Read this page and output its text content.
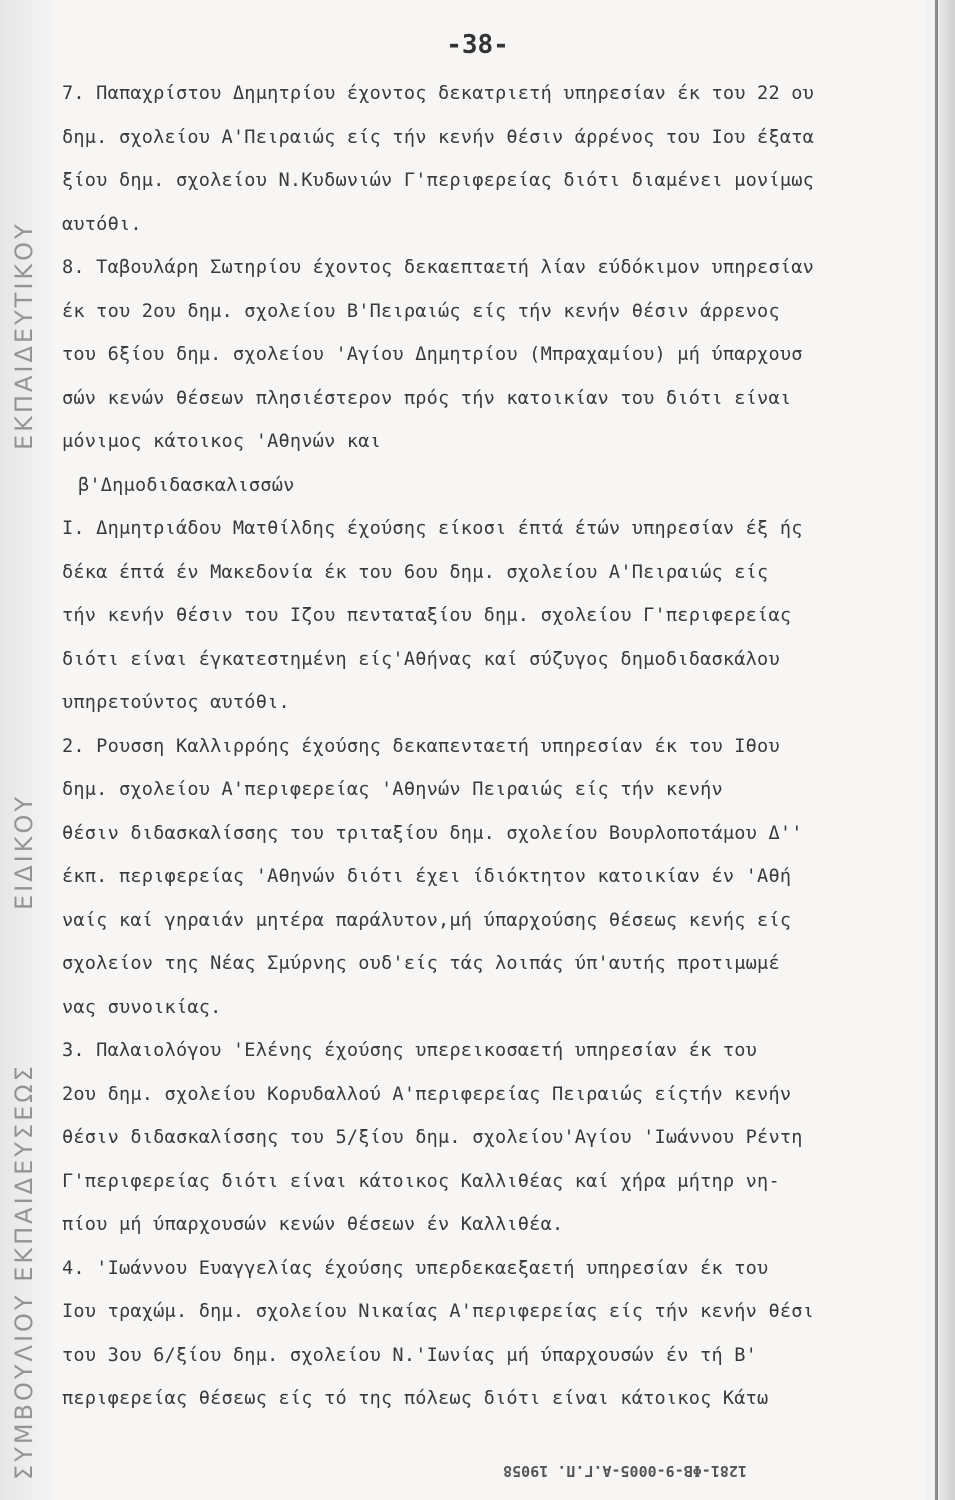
ΕΚΠΑΙΔΕΥΤΙΚΟΥ
ΕΙΔΙΚΟΥ
ΣΥΜΒΟΥΛΙΟΥ ΕΚΠΑΙΔΕΥΣΕΩΣ
-38-
7. Παπαχρίστου Δημητρίου έχοντος δεκατριετή υπηρεσίαν έκ του 22 ου
δημ. σχολείου Α'Πειραιώς είς τήν κενήν θέσιν άρρένος του Ιου έξατα
ξίου δημ. σχολείου Ν.Κυδωνιών Γ'περιφερείας διότι διαμένει μονίμως
αυτόθι.
8. Ταβουλάρη Σωτηρίου έχοντος δεκαεπταετή λίαν εύδόκιμον υπηρεσίαν
έκ του 2ου δημ. σχολείου Β'Πειραιώς είς τήν κενήν θέσιν άρρενος
του 6ξίου δημ. σχολείου 'Αγίου Δημητρίου (Μπραχαμίου) μή ύπαρχουσ
σών κενών θέσεων πλησιέστερον πρός τήν κατοικίαν του διότι είναι
μόνιμος κάτοικος 'Αθηνών και
β'Δημοδιδασκαλισσών
Ι. Δημητριάδου Ματθίλδης έχούσης είκοσι έπτά έτών υπηρεσίαν έξ ής
δέκα έπτά έν Μακεδονία έκ του 6ου δημ. σχολείου Α'Πειραιώς είς
τήν κενήν θέσιν του Ιζου πενταταξίου δημ. σχολείου Γ'περιφερείας
διότι είναι έγκατεστημένη είς'Αθήνας καί σύζυγος δημοδιδασκάλου
υπηρετούντος αυτόθι.
2. Ρουσση Καλλιρρόης έχούσης δεκαπενταετή υπηρεσίαν έκ του Ιθου
δημ. σχολείου Α'περιφερείας 'Αθηνών Πειραιώς είς τήν κενήν
θέσιν διδασκαλίσσης του τριταξίου δημ. σχολείου Βουρλοποτάμου Δ''
έκπ. περιφερείας 'Αθηνών διότι έχει ίδιόκτητον κατοικίαν έν 'Αθή
ναίς καί γηραιάν μητέρα παράλυτον,μή ύπαρχούσης θέσεως κενής είς
σχολείον της Νέας Σμύρνης ουδ'είς τάς λοιπάς ύπ'αυτής προτιμωμέ
νας συνοικίας.
3. Παλαιολόγου 'Ελένης έχούσης υπερεικοσαετή υπηρεσίαν έκ του
2ου δημ. σχολείου Κορυδαλλού Α'περιφερείας Πειραιώς είςτήν κενήν
θέσιν διδασκαλίσσης του 5/ξίου δημ. σχολείου'Αγίου 'Ιωάννου Ρέντη
Γ'περιφερείας διότι είναι κάτοικος Καλλιθέας καί χήρα μήτηρ νη-
πίου μή ύπαρχουσών κενών θέσεων έν Καλλιθέα.
4. 'Ιωάννου Ευαγγελίας έχούσης υπερδεκαεξαετή υπηρεσίαν έκ του
Ιου τραχώμ. δημ. σχολείου Νικαίας Α'περιφερείας είς τήν κενήν θέσι
του 3ου 6/ξίου δημ. σχολείου Ν.'Ιωνίας μή ύπαρχουσών έν τή Β'
περιφερείας θέσεως είς τό της πόλεως διότι είναι κάτοικος Κάτω
1281-ΦΒ-9-0005-Α.Γ.Π. 19058
